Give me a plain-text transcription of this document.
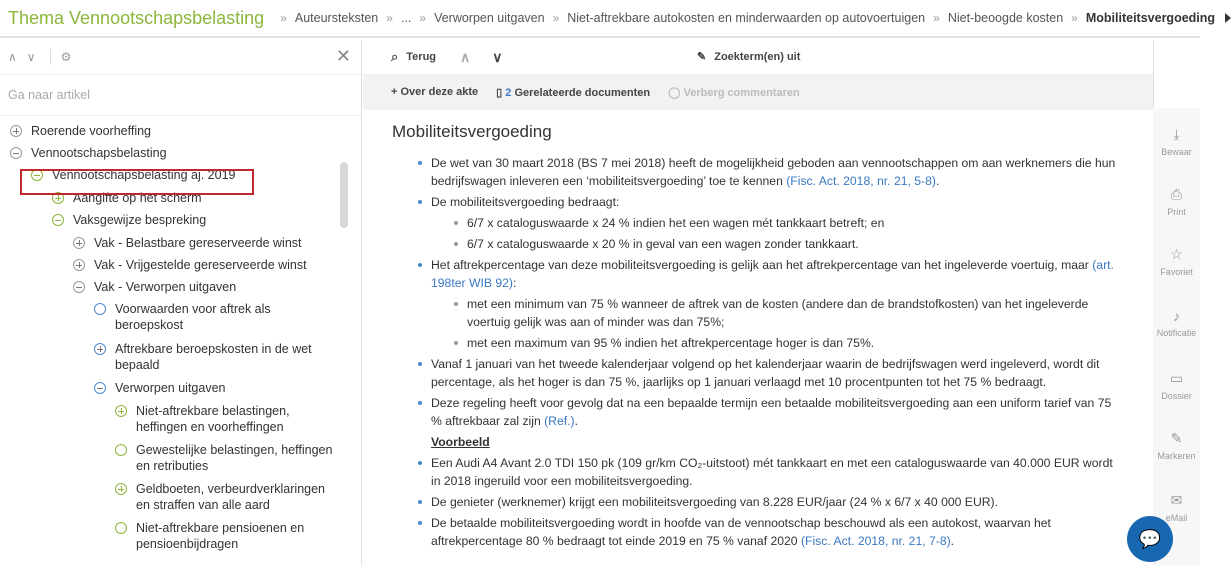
Thema Vennootschapsbelasting » Auteursteksten » ... » Verworpen uitgaven » Niet-aftrekbare autokosten en minderwaarden op autovoertuigen » Niet-beoogde kosten » Mobiliteitsvergoeding
∧ ∨ ⚙	✕
Ga naar artikel
Roerende voorheffing
Vennootschapsbelasting
Vennootschapsbelasting aj. 2019
Aangifte op het scherm
Vaksgewijze bespreking
Vak - Belastbare gereserveerde winst
Vak - Vrijgestelde gereserveerde winst
Vak - Verworpen uitgaven
Voorwaarden voor aftrek als beroepskost
Aftrekbare beroepskosten in de wet bepaald
Verworpen uitgaven
Niet-aftrekbare belastingen, heffingen en voorheffingen
Gewestelijke belastingen, heffingen en retributies
Geldboeten, verbeurdverklaringen en straffen van alle aard
Niet-aftrekbare pensioenen en pensioenbijdragen
⌕ Terug ∧ ∨	✎ Zoekterm(en) uit
+ Over deze akte ▯ 2 Gerelateerde documenten ◯ Verberg commentaren
Mobiliteitsvergoeding
De wet van 30 maart 2018 (BS 7 mei 2018) heeft de mogelijkheid geboden aan vennootschappen om aan werknemers die hun bedrijfswagen inleveren een ‘mobiliteitsvergoeding’ toe te kennen (Fisc. Act. 2018, nr. 21, 5-8).
De mobiliteitsvergoeding bedraagt:
6/7 x cataloguswaarde x 24 % indien het een wagen mét tankkaart betreft; en
6/7 x cataloguswaarde x 20 % in geval van een wagen zonder tankkaart.
Het aftrekpercentage van deze mobiliteitsvergoeding is gelijk aan het aftrekpercentage van het ingeleverde voertuig, maar (art. 198ter WIB 92):
met een minimum van 75 % wanneer de aftrek van de kosten (andere dan de brandstofkosten) van het ingeleverde voertuig gelijk was aan of minder was dan 75%;
met een maximum van 95 % indien het aftrekpercentage hoger is dan 75%.
Vanaf 1 januari van het tweede kalenderjaar volgend op het kalenderjaar waarin de bedrijfswagen werd ingeleverd, wordt dit percentage, als het hoger is dan 75 %, jaarlijks op 1 januari verlaagd met 10 procentpunten tot het 75 % bedraagt.
Deze regeling heeft voor gevolg dat na een bepaalde termijn een betaalde mobiliteitsvergoeding aan een uniform tarief van 75 % aftrekbaar zal zijn (Ref.).
Voorbeeld
Een Audi A4 Avant 2.0 TDI 150 pk (109 gr/km CO₂-uitstoot) mét tankkaart en met een cataloguswaarde van 40.000 EUR wordt in 2018 ingeruild voor een mobiliteitsvergoeding.
De genieter (werknemer) krijgt een mobiliteitsvergoeding van 8.228 EUR/jaar (24 % x 6/7 x 40 000 EUR).
De betaalde mobiliteitsvergoeding wordt in hoofde van de vennootschap beschouwd als een autokost, waarvan het aftrekpercentage 80 % bedraagt tot einde 2019 en 75 % vanaf 2020 (Fisc. Act. 2018, nr. 21, 7-8).
⤓
Bewaar
⎙
Print
☆
Favoriet
♪
Notificatie
▭
Dossier
✎
Markeren
✉
eMail
💬
